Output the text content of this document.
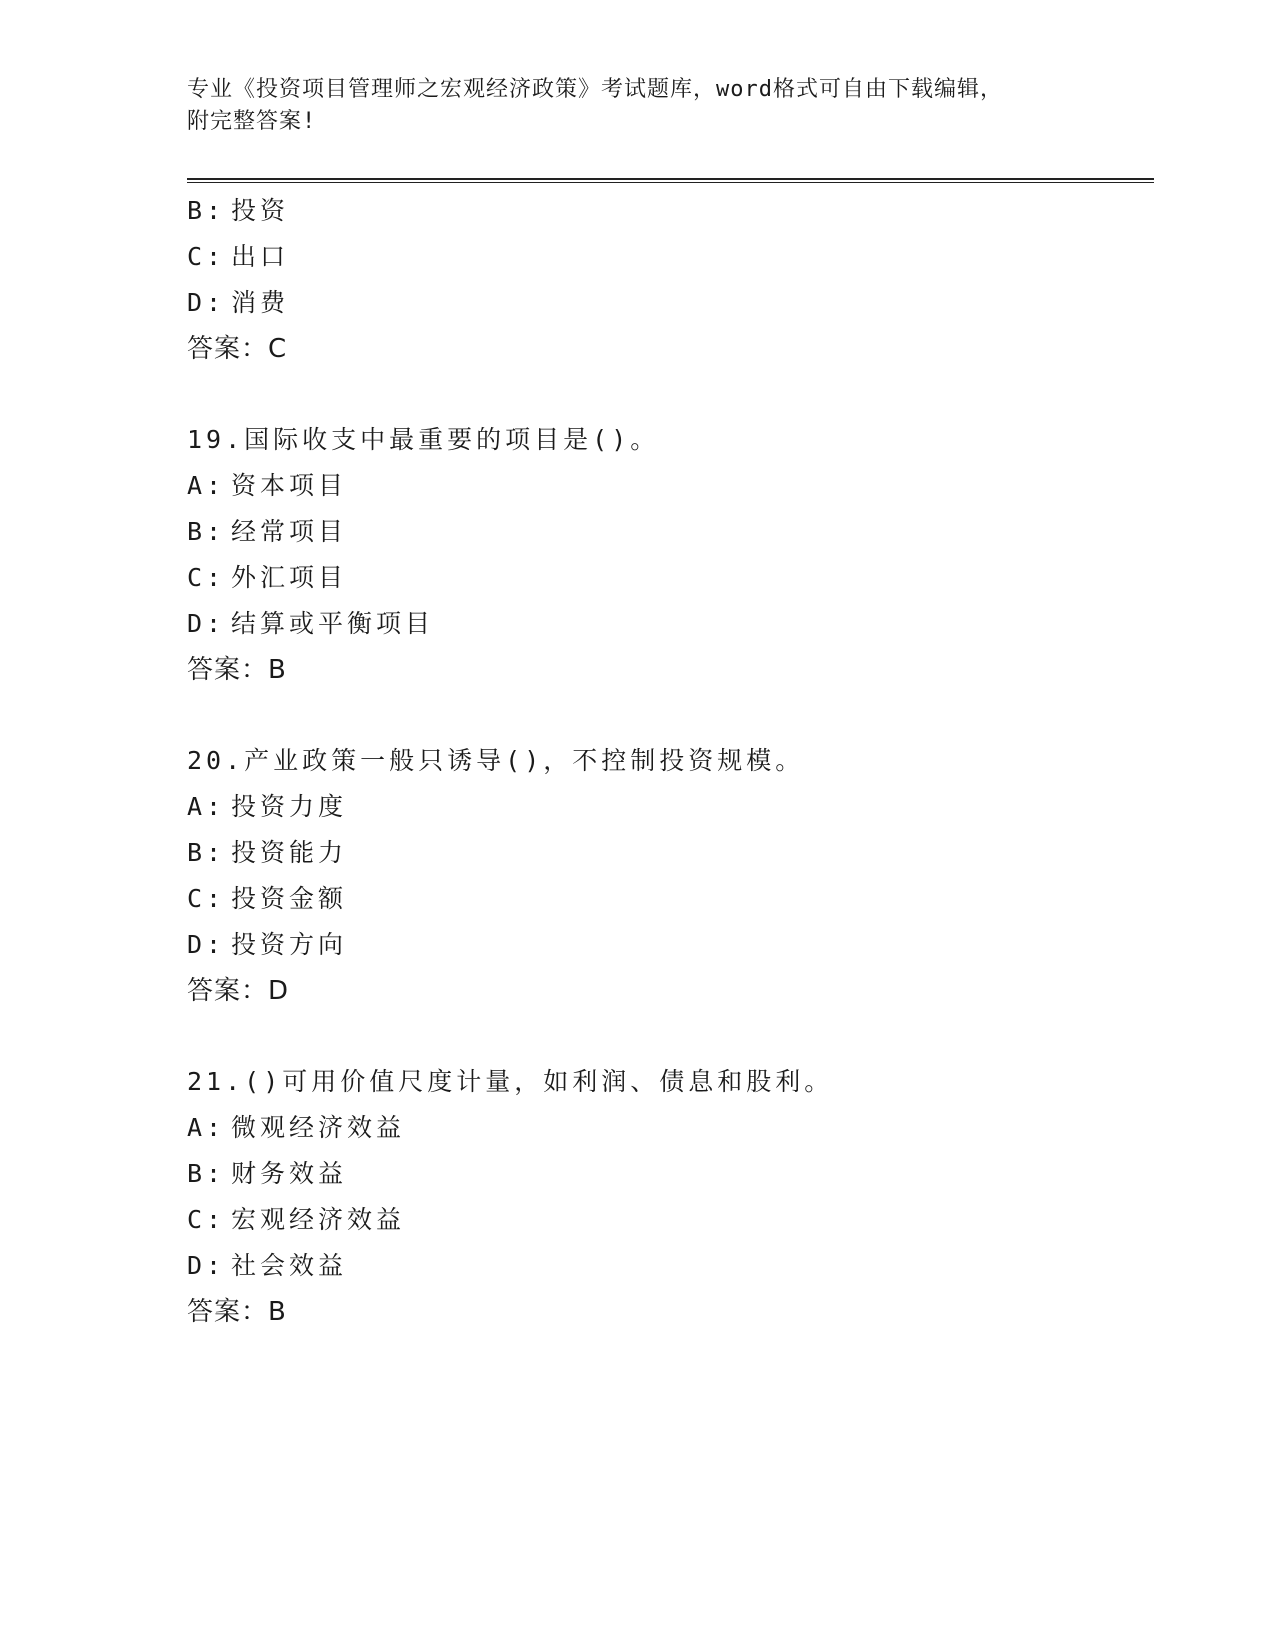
专业《投资项目管理师之宏观经济政策》考试题库，word格式可自由下载编辑，
附完整答案!
B: 投资
C: 出口
D: 消费
答案：C
19.国际收支中最重要的项目是()。
A: 资本项目
B: 经常项目
C: 外汇项目
D: 结算或平衡项目
答案：B
20.产业政策一般只诱导()，不控制投资规模。
A: 投资力度
B: 投资能力
C: 投资金额
D: 投资方向
答案：D
21.()可用价值尺度计量，如利润、债息和股利。
A: 微观经济效益
B: 财务效益
C: 宏观经济效益
D: 社会效益
答案：B
